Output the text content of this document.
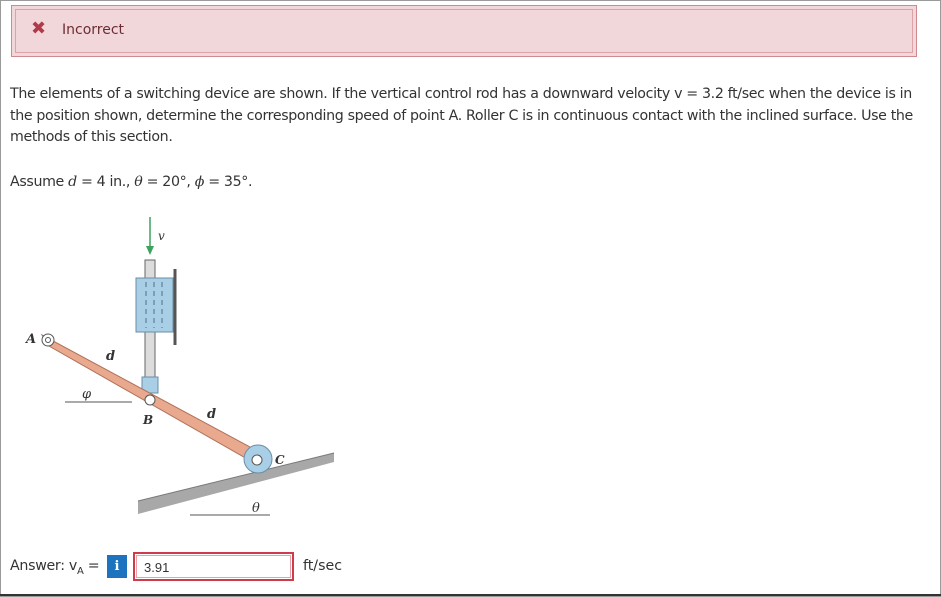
✖ Incorrect
The elements of a switching device are shown. If the vertical control rod has a downward velocity v = 3.2 ft/sec when the device is in the position shown, determine the corresponding speed of point A. Roller C is in continuous contact with the inclined surface. Use the methods of this section.
Assume d = 4 in., θ = 20°, ϕ = 35°.
A
B
C
v
d
d
φ
θ
Answer: $v_A$ =	i	3.91	ft/sec
